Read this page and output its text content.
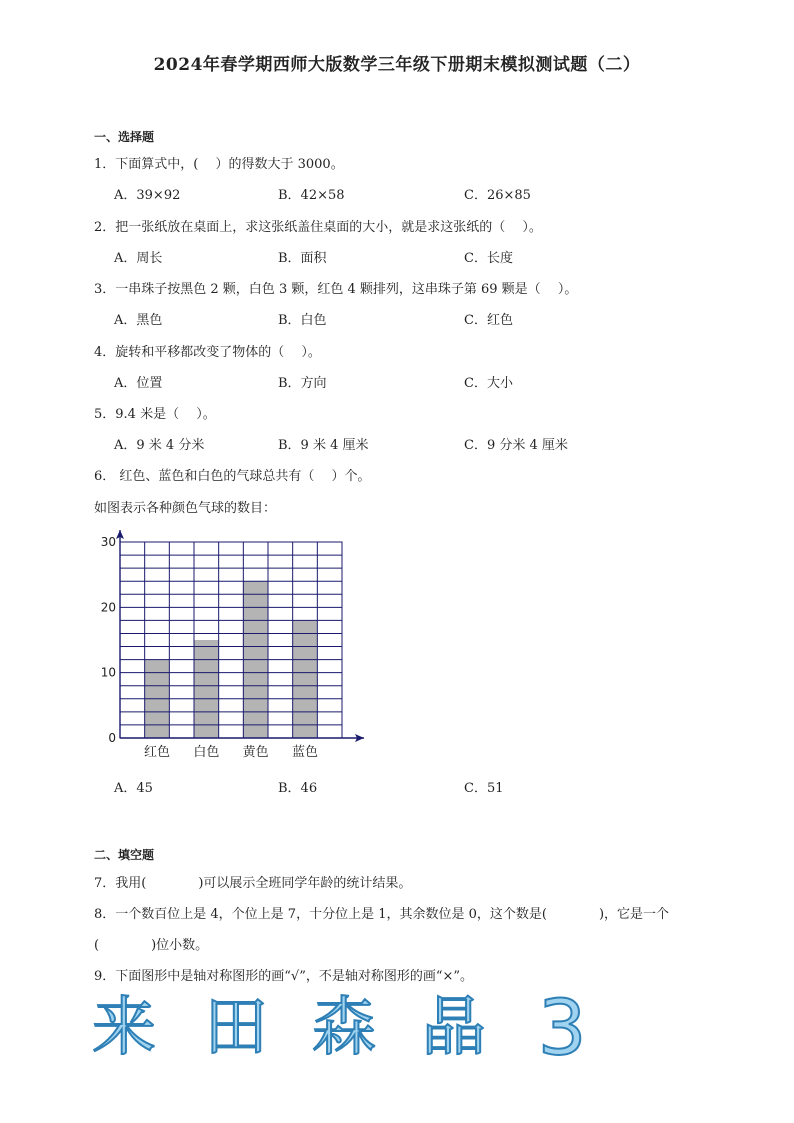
2024年春学期西师大版数学三年级下册期末模拟测试题（二）
一、选择题
1．下面算式中，(　 ）的得数大于 3000。
A．39×92	B．42×58	C．26×85
2．把一张纸放在桌面上，求这张纸盖住桌面的大小，就是求这张纸的（　 ）。
A．周长	B．面积	C．长度
3．一串珠子按黑色 2 颗，白色 3 颗，红色 4 颗排列，这串珠子第 69 颗是（　 ）。
A．黑色	B．白色	C．红色
4．旋转和平移都改变了物体的（　 ）。
A．位置	B．方向	C．大小
5．9.4 米是（　 ）。
A．9 米 4 分米	B．9 米 4 厘米	C．9 分米 4 厘米
6． 红色、蓝色和白色的气球总共有（　 ）个。
如图表示各种颜色气球的数目：
0
10
20
30
红色 白色 黄色 蓝色
A．45	B．46	C．51
二、填空题
7．我用(　　　　)可以展示全班同学年龄的统计结果。
8．一个数百位上是 4，个位上是 7，十分位上是 1，其余数位是 0，这个数是(　　　　)，它是一个
(　　　　)位小数。
9．下面图形中是轴对称图形的画“√”，不是轴对称图形的画“×”。
来 田 森 晶 3
